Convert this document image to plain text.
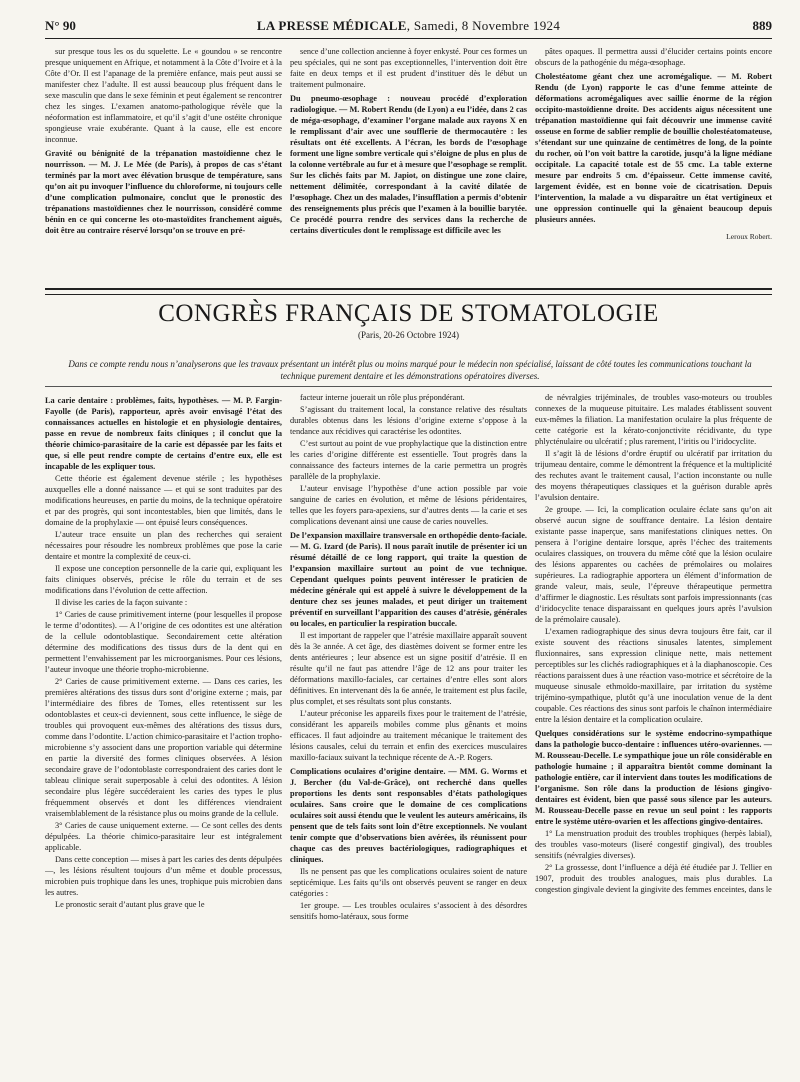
N° 90	LA PRESSE MÉDICALE, Samedi, 8 Novembre 1924	889

sur presque tous les os du squelette. Le « goundou » se rencontre presque uniquement en Afrique, et notamment à la Côte d’Ivoire et à la Côte d’Or. Il est l’apanage de la première enfance, mais peut aussi se manifester chez l’adulte. Il est aussi beaucoup plus fréquent dans le sexe masculin que dans le sexe féminin et peut également se rencontrer chez les singes. L’examen anatomo-pathologique révèle que la néoformation est inflammatoire, et qu’il s’agit d’une ostéite chronique spongieuse vraie exubérante. Quant à la cause, elle est encore inconnue.

Gravité ou bénignité de la trépanation mastoïdienne chez le nourrisson. — M. J. Le Mée (de Paris), à propos de cas s’étant terminés par la mort avec élévation brusque de température, sans qu’on ait pu invoquer l’influence du chloroforme, ni toujours celle d’une complication pulmonaire, conclut que le pronostic des trépanations mastoïdiennes chez le nourrisson, considéré comme bénin en ce qui concerne les oto-mastoïdites franchement aiguës, doit être au contraire réservé lorsqu’on se trouve en pré-

sence d’une collection ancienne à foyer enkysté. Pour ces formes un peu spéciales, qui ne sont pas exceptionnelles, l’intervention doit être faite en deux temps et il est prudent d’instituer dès le début un traitement pulmonaire.

Du pneumo-œsophage : nouveau procédé d’exploration radiologique. — M. Robert Rendu (de Lyon) a eu l’idée, dans 2 cas de méga-œsophage, d’examiner l’organe malade aux rayons X en le remplissant d’air avec une soufflerie de thermocautère : les résultats ont été excellents. A l’écran, les bords de l’œsophage forment une ligne sombre verticale qui s’éloigne de plus en plus de la colonne vertébrale au fur et à mesure que l’œsophage se remplit. Sur les clichés faits par M. Japiot, on distingue une zone claire, nettement délimitée, correspondant à la cavité dilatée de l’œsophage. Chez un des malades, l’insufflation a permis d’obtenir des renseignements plus précis que l’examen à la bouillie barytée. Ce procédé pourra rendre des services dans la recherche de certains diverticules dont le remplissage est difficile avec les

pâtes opaques. Il permettra aussi d’élucider certains points encore obscurs de la pathogénie du méga-œsophage.

Cholestéatome géant chez une acromégalique. — M. Robert Rendu (de Lyon) rapporte le cas d’une femme atteinte de déformations acromégaliques avec saillie énorme de la région occipito-mastoïdienne droite. Des accidents aigus nécessitent une trépanation mastoïdienne qui fait découvrir une immense cavité osseuse en forme de sablier remplie de bouillie cholestéatomateuse, s’étendant sur une quinzaine de centimètres de long, de la pointe du rocher, où l’on voit battre la carotide, jusqu’à la ligne médiane occipitale. La capacité totale est de 55 cmc. La table externe mesure par endroits 5 cm. d’épaisseur. Cette immense cavité, largement évidée, est en bonne voie de cicatrisation. Depuis l’intervention, la malade a vu disparaître un état vertigineux et une oppression continuelle qui la gênaient beaucoup depuis plusieurs années.

Leroux Robert.
CONGRÈS FRANÇAIS DE STOMATOLOGIE
(Paris, 20-26 Octobre 1924)
Dans ce compte rendu nous n’analyserons que les travaux présentant un intérêt plus ou moins marqué pour le médecin non spécialisé, laissant de côté toutes les communications touchant la technique purement dentaire et les démonstrations opératoires diverses.

La carie dentaire : problèmes, faits, hypothèses. — M. P. Fargin-Fayolle (de Paris), rapporteur, après avoir envisagé l’état des connaissances actuelles en histologie et en physiologie dentaires, passe en revue de nombreux faits cliniques ; il conclut que la théorie chimico-parasitaire de la carie est dépassée par les faits et que, si elle peut rendre compte de certains d’entre eux, elle est incapable de les expliquer tous.

Cette théorie est également devenue stérile ; les hypothèses auxquelles elle a donné naissance — et qui se sont traduites par des modifications heureuses, en partie du moins, de la technique opératoire et par des progrès, qui sont incontestables, bien que limités, dans le domaine de la prophylaxie — ont épuisé leurs conséquences.

L’auteur trace ensuite un plan des recherches qui seraient nécessaires pour résoudre les nombreux problèmes que pose la carie dentaire et montre la complexité de ceux-ci.

Il expose une conception personnelle de la carie qui, expliquant les faits cliniques observés, précise le rôle du terrain et de ses modifications dans l’évolution de cette affection.

Il divise les caries de la façon suivante :

1° Caries de cause primitivement interne (pour lesquelles il propose le terme d’odontites). — A l’origine de ces odontites est une altération de la cellule odontoblastique. Secondairement cette altération détermine des modifications des tissus durs de la dent qui en permettent l’envahissement par les microorganismes. Pour ces lésions, l’auteur invoque une théorie tropho-microbienne.

2° Caries de cause primitivement externe. — Dans ces caries, les premières altérations des tissus durs sont d’origine externe ; mais, par l’intermédiaire des fibres de Tomes, elles retentissent sur les odontoblastes et ceux-ci deviennent, sous cette influence, le siège de troubles qui provoquent eux-mêmes des altérations des tissus durs, comme dans l’odontite. L’action chimico-parasitaire et l’action tropho-microbienne s’y associent dans une proportion variable qui détermine en partie la diversité des formes cliniques observées. A lésion secondaire grave de l’odontoblaste correspondraient des caries dont le tableau clinique serait superposable à celui des odontites. A lésion secondaire plus légère succéderaient les caries des types le plus fréquemment observés et dont les différences viendraient vraisemblablement de la résistance plus ou moins grande de la cellule.

3° Caries de cause uniquement externe. — Ce sont celles des dents dépulpées. La théorie chimico-parasitaire leur est intégralement applicable.

Dans cette conception — mises à part les caries des dents dépulpées —, les lésions résultent toujours d’un même et double processus, microbien puis trophique dans les unes, trophique puis microbien dans les autres.

Le pronostic serait d’autant plus grave que le

facteur interne jouerait un rôle plus prépondérant.

S’agissant du traitement local, la constance relative des résultats durables obtenus dans les lésions d’origine externe s’oppose à la tendance aux récidives qui caractérise les odontites.

C’est surtout au point de vue prophylactique que la distinction entre les caries d’origine différente est essentielle. Tout progrès dans la connaissance des facteurs internes de la carie permettra un progrès parallèle de la prophylaxie.

L’auteur envisage l’hypothèse d’une action possible par voie sanguine de caries en évolution, et même de lésions péridentaires, telles que les foyers para-apexiens, sur d’autres dents — la carie et ses complications devenant ainsi une cause de caries nouvelles.

De l’expansion maxillaire transversale en orthopédie dento-faciale. — M. G. Izard (de Paris). Il nous paraît inutile de présenter ici un résumé détaillé de ce long rapport, qui traite la question de l’expansion maxillaire surtout au point de vue technique. Cependant quelques points peuvent intéresser le praticien de médecine générale qui est appelé à suivre le développement de la denture chez ses jeunes malades, et peut diriger un traitement préventif en surveillant l’apparition des causes d’atrésie, générales ou locales, en particulier la respiration buccale.

Il est important de rappeler que l’atrésie maxillaire apparaît souvent dès la 3e année. A cet âge, des diastèmes doivent se former entre les dents antérieures ; leur absence est un signe positif d’atrésie. Il en résulte qu’il ne faut pas attendre l’âge de 12 ans pour traiter les déformations maxillo-faciales, car certaines d’entre elles sont alors définitives. En intervenant dès la 6e année, le traitement est plus facile, plus complet, et ses résultats sont plus constants.

L’auteur préconise les appareils fixes pour le traitement de l’atrésie, considérant les appareils mobiles comme plus gênants et moins efficaces. Il faut adjoindre au traitement mécanique le traitement des lésions causales, celui du terrain et enfin des exercices musculaires maxillo-faciaux suivant la technique récente de A.-P. Rogers.

Complications oculaires d’origine dentaire. — MM. G. Worms et J. Bercher (du Val-de-Grâce), ont recherché dans quelles proportions les dents sont responsables d’états pathologiques oculaires. Sans croire que le domaine de ces complications oculaires soit aussi étendu que le veulent les auteurs américains, ils pensent que de tels faits sont loin d’être exceptionnels. Ne voulant tenir compte que d’observations bien avérées, ils réunissent pour chaque cas des preuves bactériologiques, radiographiques et cliniques.

Ils ne pensent pas que les complications oculaires soient de nature septicémique. Les faits qu’ils ont observés peuvent se ranger en deux catégories :

1er groupe. — Les troubles oculaires s’associent à des désordres sensitifs homo-latéraux, sous forme

de névralgies trijéminales, de troubles vaso-moteurs ou troubles connexes de la muqueuse pituitaire. Les malades établissent souvent eux-mêmes la filiation. La manifestation oculaire la plus fréquente de cette catégorie est la kérato-conjonctivite récidivante, du type phlycténulaire ou ulcératif ; plus rarement, l’iritis ou l’iridocyclite.

Il s’agit là de lésions d’ordre éruptif ou ulcératif par irritation du trijumeau dentaire, comme le démontrent la fréquence et la multiplicité des rechutes avant le traitement causal, l’action inconstante ou nulle des moyens thérapeutiques classiques et la guérison durable après l’avulsion dentaire.

2e groupe. — Ici, la complication oculaire éclate sans qu’on ait observé aucun signe de souffrance dentaire. La lésion dentaire existante passe inaperçue, sans manifestations cliniques nettes. On pensera à l’origine dentaire lorsque, après l’échec des traitements oculaires classiques, on trouvera du même côté que la lésion oculaire des lésions apparentes ou cachées de prémolaires ou molaires supérieures. La radiographie apportera un élément d’information de grande valeur, mais, seule, l’épreuve thérapeutique permettra d’affirmer le diagnostic. Les résultats sont parfois impressionnants (cas d’iridocyclite tenace disparaissant en quelques jours après l’avulsion de la prémolaire causale).

L’examen radiographique des sinus devra toujours être fait, car il existe souvent des réactions sinusales latentes, simplement fluxionnaires, sans expression clinique nette, mais nettement perceptibles sur les clichés radiographiques et à la diaphanoscopie. Ces réactions paraissent dues à une réaction vaso-motrice et sécrétoire de la muqueuse sinusale ethmoïdo-maxillaire, par irritation du système trijémino-sympathique, plutôt qu’à une inoculation venue de la dent coupable. Ces réactions des sinus sont parfois le chaînon intermédiaire entre la lésion dentaire et la complication oculaire.

Quelques considérations sur le système endocrino-sympathique dans la pathologie bucco-dentaire : influences utéro-ovariennes. — M. Rousseau-Decelle. Le sympathique joue un rôle considérable en pathologie humaine ; il apparaîtra bientôt comme dominant la pathologie entière, car il intervient dans toutes les modifications de l’organisme. Son rôle dans la production de lésions gingivo-dentaires est évident, bien que passé sous silence par les auteurs. M. Rousseau-Decelle passe en revue un seul point : les rapports entre le système utéro-ovarien et les affections gingivo-dentaires.

1° La menstruation produit des troubles trophiques (herpès labial), des troubles vaso-moteurs (liseré congestif gingival), des troubles sensitifs (névralgies diverses).

2° La grossesse, dont l’influence a déjà été étudiée par J. Tellier en 1907, produit des troubles analogues, mais plus durables. La congestion gingivale devient la gingivite des femmes enceintes, dans le
